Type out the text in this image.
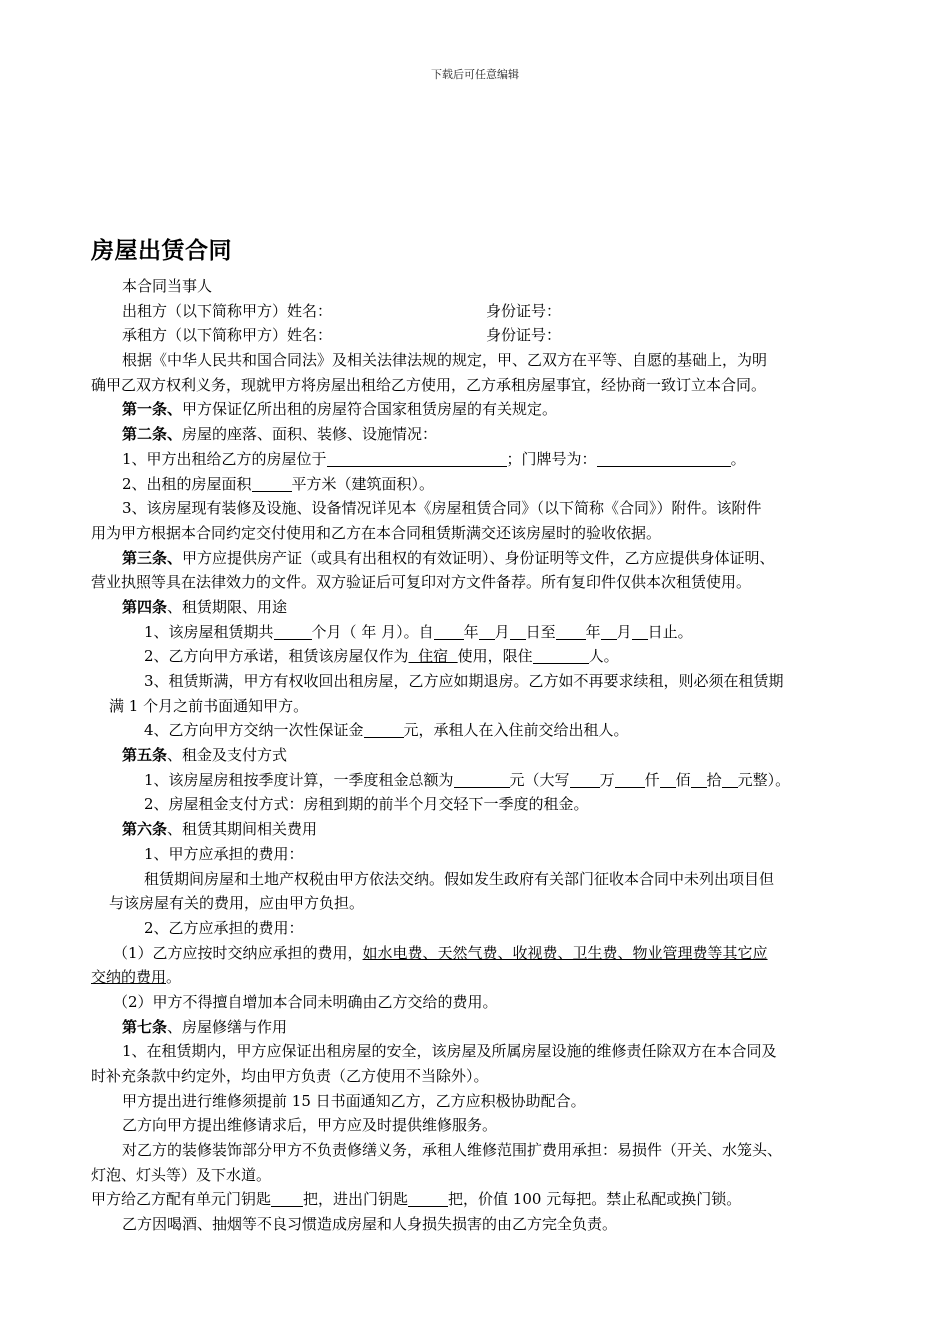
下载后可任意编辑
房屋出赁合同
本合同当事人
出租方（以下简称甲方）姓名：	身份证号：
承租方（以下简称甲方）姓名：	身份证号：
根据《中华人民共和国合同法》及相关法律法规的规定，甲、乙双方在平等、自愿的基础上，为明
确甲乙双方权利义务，现就甲方将房屋出租给乙方使用，乙方承租房屋事宜，经协商一致订立本合同。
第一条、甲方保证亿所出租的房屋符合国家租赁房屋的有关规定。
第二条、房屋的座落、面积、装修、设施情况：
1、甲方出租给乙方的房屋位于	；门牌号为：	。
2、出租的房屋面积	平方米（建筑面积）。
3、该房屋现有装修及设施、设备情况详见本《房屋租赁合同》（以下简称《合同》）附件。该附件
用为甲方根据本合同约定交付使用和乙方在本合同租赁斯满交还该房屋时的验收依据。
第三条、甲方应提供房产证（或具有出租权的有效证明）、身份证明等文件，乙方应提供身体证明、
营业执照等具在法律效力的文件。双方验证后可复印对方文件备荐。所有复印件仅供本次租赁使用。
第四条、租赁期限、用途
1、该房屋租赁期共	个月（ 年 月）。自 年 月 日至 年 月 日止。
2、乙方向甲方承诺，租赁该房屋仅作为  住宿  使用，限住	人。
3、租赁斯满，甲方有权收回出租房屋，乙方应如期退房。乙方如不再要求续租，则必须在租赁期
满 1 个月之前书面通知甲方。
4、乙方向甲方交纳一次性保证金	元，承租人在入住前交给出租人。
第五条、租金及支付方式
1、该房屋房租按季度计算，一季度租金总额为	元（大写 万 仟 佰 拾 元整）。
2、房屋租金支付方式：房租到期的前半个月交轻下一季度的租金。
第六条、租赁其期间相关费用
1、甲方应承担的费用：
租赁期间房屋和土地产权税由甲方依法交纳。假如发生政府有关部门征收本合同中未列出项目但
与该房屋有关的费用，应由甲方负担。
2、乙方应承担的费用：
（1）乙方应按时交纳应承担的费用，如水电费、天然气费、收视费、卫生费、物业管理费等其它应
交纳的费用。
（2）甲方不得擅自增加本合同未明确由乙方交给的费用。
第七条、房屋修缮与作用
1、在租赁期内，甲方应保证出租房屋的安全，该房屋及所属房屋设施的维修责任除双方在本合同及
时补充条款中约定外，均由甲方负责（乙方使用不当除外）。
甲方提出进行维修须提前 15 日书面通知乙方，乙方应积极协助配合。
乙方向甲方提出维修请求后，甲方应及时提供维修服务。
对乙方的装修装饰部分甲方不负责修缮义务，承租人维修范围扩费用承担：易损件（开关、水笼头、
灯泡、灯头等）及下水道。
甲方给乙方配有单元门钥匙 把，进出门钥匙	把，价值 100 元每把。禁止私配或换门锁。
乙方因喝酒、抽烟等不良习惯造成房屋和人身损失损害的由乙方完全负责。
